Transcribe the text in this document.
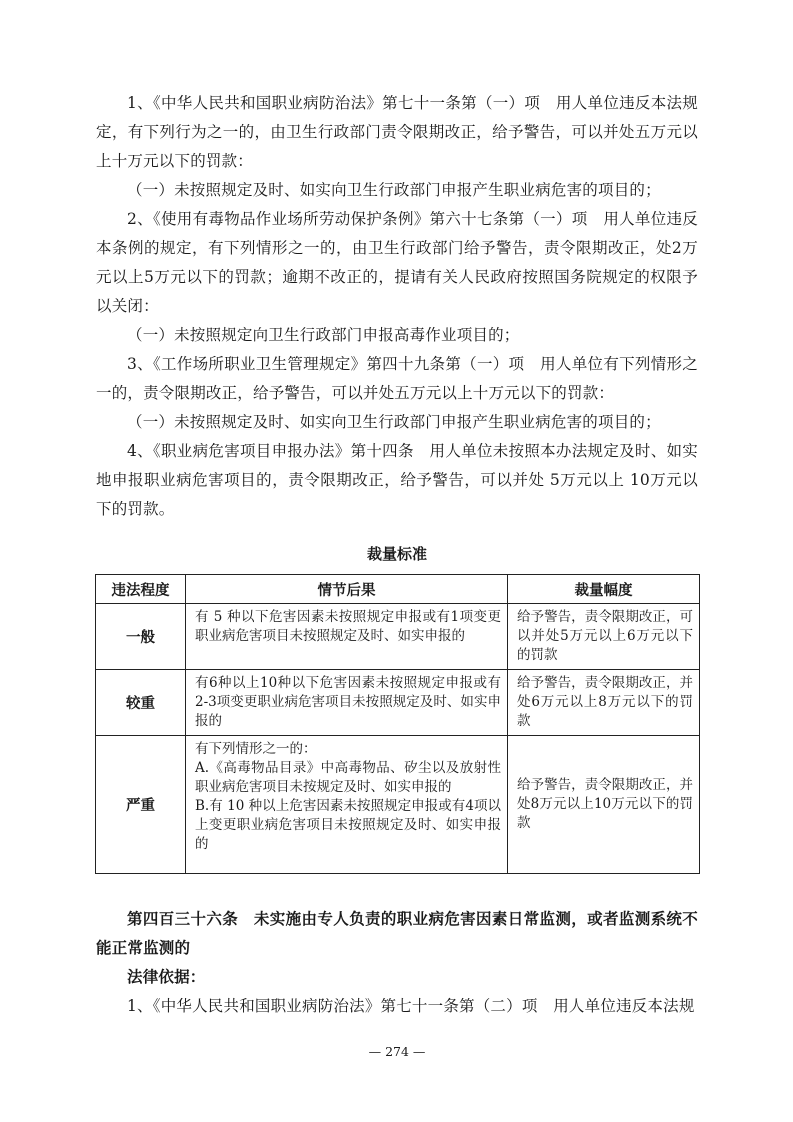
1、《中华人民共和国职业病防治法》第七十一条第（一）项　用人单位违反本法规定，有下列行为之一的，由卫生行政部门责令限期改正，给予警告，可以并处五万元以上十万元以下的罚款：

（一）未按照规定及时、如实向卫生行政部门申报产生职业病危害的项目的；

2、《使用有毒物品作业场所劳动保护条例》第六十七条第（一）项　用人单位违反本条例的规定，有下列情形之一的，由卫生行政部门给予警告，责令限期改正，处2万元以上5万元以下的罚款；逾期不改正的，提请有关人民政府按照国务院规定的权限予以关闭：

（一）未按照规定向卫生行政部门申报高毒作业项目的；

3、《工作场所职业卫生管理规定》第四十九条第（一）项　用人单位有下列情形之一的，责令限期改正，给予警告，可以并处五万元以上十万元以下的罚款：

（一）未按照规定及时、如实向卫生行政部门申报产生职业病危害的项目的；

4、《职业病危害项目申报办法》第十四条　用人单位未按照本办法规定及时、如实地申报职业病危害项目的，责令限期改正，给予警告，可以并处 5万元以上 10万元以下的罚款。

裁量标准
违法程度	情节后果	裁量幅度
一般	有 5 种以下危害因素未按照规定申报或有1项变更职业病危害项目未按照规定及时、如实申报的	给予警告，责令限期改正，可以并处5万元以上6万元以下的罚款
较重	有6种以上10种以下危害因素未按照规定申报或有2-3项变更职业病危害项目未按照规定及时、如实申报的	给予警告，责令限期改正，并处6万元以上8万元以下的罚款
严重	有下列情形之一的：
A.《高毒物品目录》中高毒物品、矽尘以及放射性职业病危害项目未按规定及时、如实申报的
B.有 10 种以上危害因素未按照规定申报或有4项以上变更职业病危害项目未按照规定及时、如实申报的	给予警告，责令限期改正，并处8万元以上10万元以下的罚款

第四百三十六条　未实施由专人负责的职业病危害因素日常监测，或者监测系统不能正常监测的

法律依据：

1、《中华人民共和国职业病防治法》第七十一条第（二）项　用人单位违反本法规

— 274 —
